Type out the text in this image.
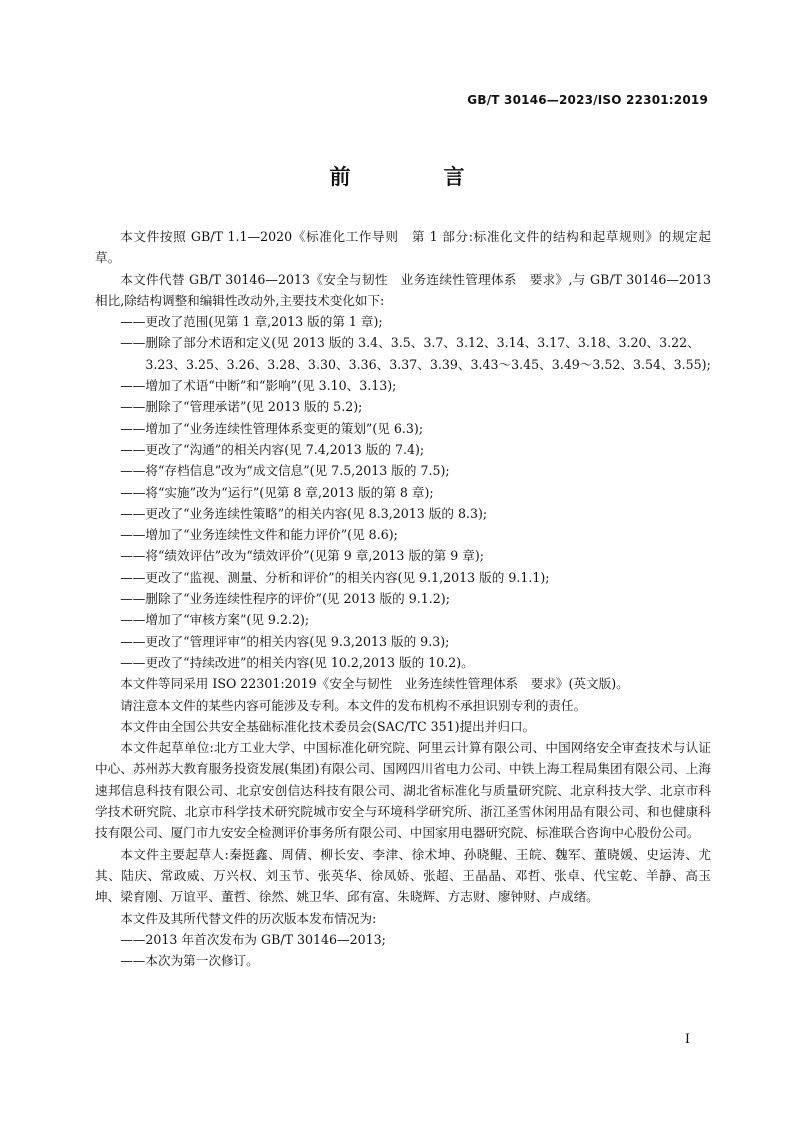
GB/T 30146—2023/ISO 22301:2019
前　言

本文件按照 GB/T 1.1—2020《标准化工作导则　第 1 部分:标准化文件的结构和起草规则》的规定起草。

本文件代替 GB/T 30146—2013《安全与韧性　业务连续性管理体系　要求》,与 GB/T 30146—2013 相比,除结构调整和编辑性改动外,主要技术变化如下:

——更改了范围(见第 1 章,2013 版的第 1 章);

——删除了部分术语和定义(见 2013 版的 3.4、3.5、3.7、3.12、3.14、3.17、3.18、3.20、3.22、3.23、3.25、3.26、3.28、3.30、3.36、3.37、3.39、3.43～3.45、3.49～3.52、3.54、3.55);

——增加了术语“中断”和“影响”(见 3.10、3.13);

——删除了“管理承诺”(见 2013 版的 5.2);

——增加了“业务连续性管理体系变更的策划”(见 6.3);

——更改了“沟通”的相关内容(见 7.4,2013 版的 7.4);

——将“存档信息”改为“成文信息”(见 7.5,2013 版的 7.5);

——将“实施”改为“运行”(见第 8 章,2013 版的第 8 章);

——更改了“业务连续性策略”的相关内容(见 8.3,2013 版的 8.3);

——增加了“业务连续性文件和能力评价”(见 8.6);

——将“绩效评估”改为“绩效评价”(见第 9 章,2013 版的第 9 章);

——更改了“监视、测量、分析和评价”的相关内容(见 9.1,2013 版的 9.1.1);

——删除了“业务连续性程序的评价”(见 2013 版的 9.1.2);

——增加了“审核方案”(见 9.2.2);

——更改了“管理评审”的相关内容(见 9.3,2013 版的 9.3);

——更改了“持续改进”的相关内容(见 10.2,2013 版的 10.2)。

本文件等同采用 ISO 22301:2019《安全与韧性　业务连续性管理体系　要求》(英文版)。

请注意本文件的某些内容可能涉及专利。本文件的发布机构不承担识别专利的责任。

本文件由全国公共安全基础标准化技术委员会(SAC/TC 351)提出并归口。

本文件起草单位:北方工业大学、中国标准化研究院、阿里云计算有限公司、中国网络安全审查技术与认证中心、苏州苏大教育服务投资发展(集团)有限公司、国网四川省电力公司、中铁上海工程局集团有限公司、上海速邦信息科技有限公司、北京安创信达科技有限公司、湖北省标准化与质量研究院、北京科技大学、北京市科学技术研究院、北京市科学技术研究院城市安全与环境科学研究所、浙江圣雪休闲用品有限公司、和也健康科技有限公司、厦门市九安安全检测评价事务所有限公司、中国家用电器研究院、标准联合咨询中心股份公司。

本文件主要起草人:秦挺鑫、周倩、柳长安、李津、徐术坤、孙晓鲲、王皖、魏军、董晓媛、史运涛、尤其、陆庆、常政威、万兴权、刘玉节、张英华、徐凤娇、张超、王晶晶、邓哲、张卓、代宝乾、羊静、高玉坤、梁育刚、万谊平、董哲、徐然、姚卫华、邱有富、朱晓辉、方志财、廖钟财、卢成绪。

本文件及其所代替文件的历次版本发布情况为:

——2013 年首次发布为 GB/T 30146—2013;

——本次为第一次修订。

I
